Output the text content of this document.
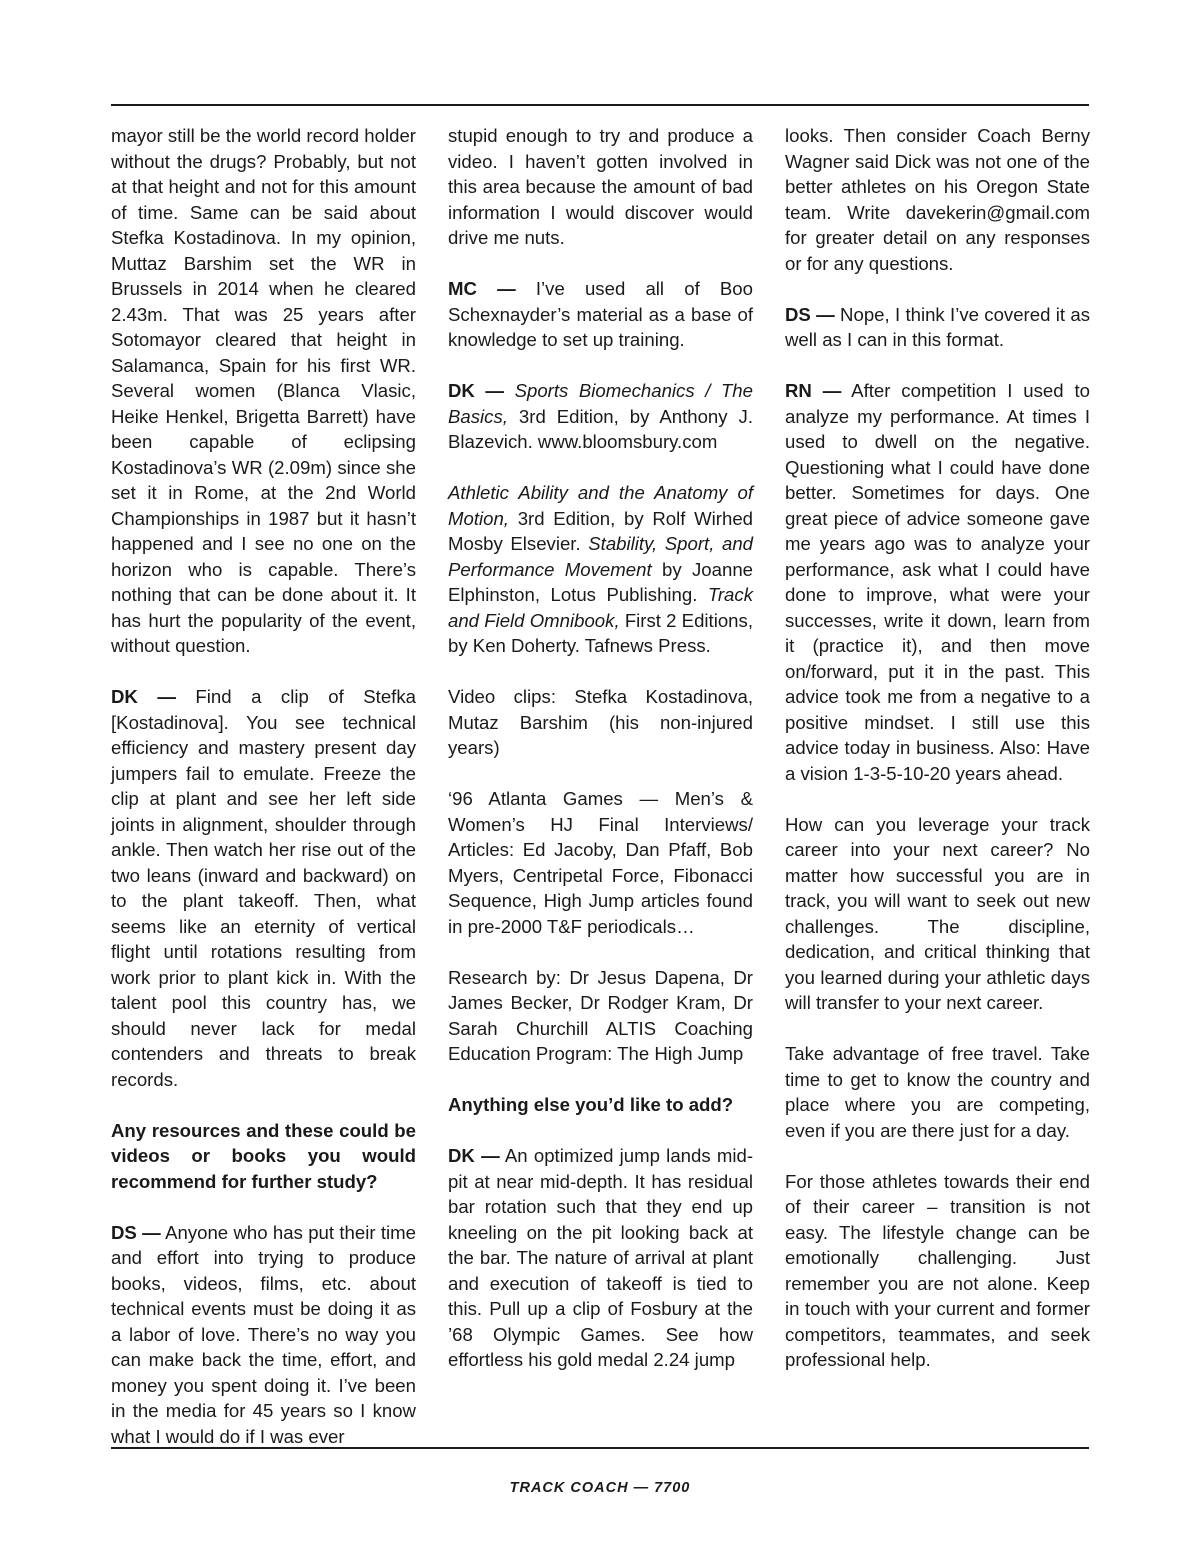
mayor still be the world record holder without the drugs? Probably, but not at that height and not for this amount of time. Same can be said about Stefka Kostadinova. In my opinion, Muttaz Barshim set the WR in Brussels in 2014 when he cleared 2.43m. That was 25 years after Sotomayor cleared that height in Salamanca, Spain for his first WR. Several women (Blanca Vlasic, Heike Henkel, Brigetta Barrett) have been capable of eclipsing Kostadinova’s WR (2.09m) since she set it in Rome, at the 2nd World Championships in 1987 but it hasn’t happened and I see no one on the horizon who is capable. There’s nothing that can be done about it. It has hurt the popularity of the event, without question.

DK — Find a clip of Stefka [Kostadinova]. You see technical efficiency and mastery present day jumpers fail to emulate. Freeze the clip at plant and see her left side joints in alignment, shoulder through ankle. Then watch her rise out of the two leans (inward and backward) on to the plant takeoff. Then, what seems like an eternity of vertical flight until rotations resulting from work prior to plant kick in. With the talent pool this country has, we should never lack for medal contenders and threats to break records.

Any resources and these could be videos or books you would recommend for further study?

DS — Anyone who has put their time and effort into trying to produce books, videos, films, etc. about technical events must be doing it as a labor of love. There’s no way you can make back the time, effort, and money you spent doing it. I’ve been in the media for 45 years so I know what I would do if I was ever

stupid enough to try and produce a video. I haven’t gotten involved in this area because the amount of bad information I would discover would drive me nuts.

MC — I’ve used all of Boo Schexnayder’s material as a base of knowledge to set up training.

DK — Sports Biomechanics / The Basics, 3rd Edition, by Anthony J. Blazevich. www.bloomsbury.com

Athletic Ability and the Anatomy of Motion, 3rd Edition, by Rolf Wirhed Mosby Elsevier. Stability, Sport, and Performance Movement by Joanne Elphinston, Lotus Publishing. Track and Field Omnibook, First 2 Editions, by Ken Doherty. Tafnews Press.

Video clips: Stefka Kostadinova, Mutaz Barshim (his non-injured years)

‘96 Atlanta Games — Men’s & Women’s HJ Final Interviews/ Articles: Ed Jacoby, Dan Pfaff, Bob Myers, Centripetal Force, Fibonacci Sequence, High Jump articles found in pre-2000 T&F periodicals…

Research by: Dr Jesus Dapena, Dr James Becker, Dr Rodger Kram, Dr Sarah Churchill ALTIS Coaching Education Program: The High Jump

Anything else you’d like to add?

DK — An optimized jump lands mid-pit at near mid-depth. It has residual bar rotation such that they end up kneeling on the pit looking back at the bar. The nature of arrival at plant and execution of takeoff is tied to this. Pull up a clip of Fosbury at the ’68 Olympic Games. See how effortless his gold medal 2.24 jump

looks. Then consider Coach Berny Wagner said Dick was not one of the better athletes on his Oregon State team. Write davekerin@gmail.com for greater detail on any responses or for any questions.

DS — Nope, I think I’ve covered it as well as I can in this format.

RN — After competition I used to analyze my performance. At times I used to dwell on the negative. Questioning what I could have done better. Sometimes for days. One great piece of advice someone gave me years ago was to analyze your performance, ask what I could have done to improve, what were your successes, write it down, learn from it (practice it), and then move on/forward, put it in the past. This advice took me from a negative to a positive mindset. I still use this advice today in business. Also: Have a vision 1-3-5-10-20 years ahead.

How can you leverage your track career into your next career? No matter how successful you are in track, you will want to seek out new challenges. The discipline, dedication, and critical thinking that you learned during your athletic days will transfer to your next career.

Take advantage of free travel. Take time to get to know the country and place where you are competing, even if you are there just for a day.

For those athletes towards their end of their career – transition is not easy. The lifestyle change can be emotionally challenging. Just remember you are not alone. Keep in touch with your current and former competitors, teammates, and seek professional help.

TRACK COACH — 7700
